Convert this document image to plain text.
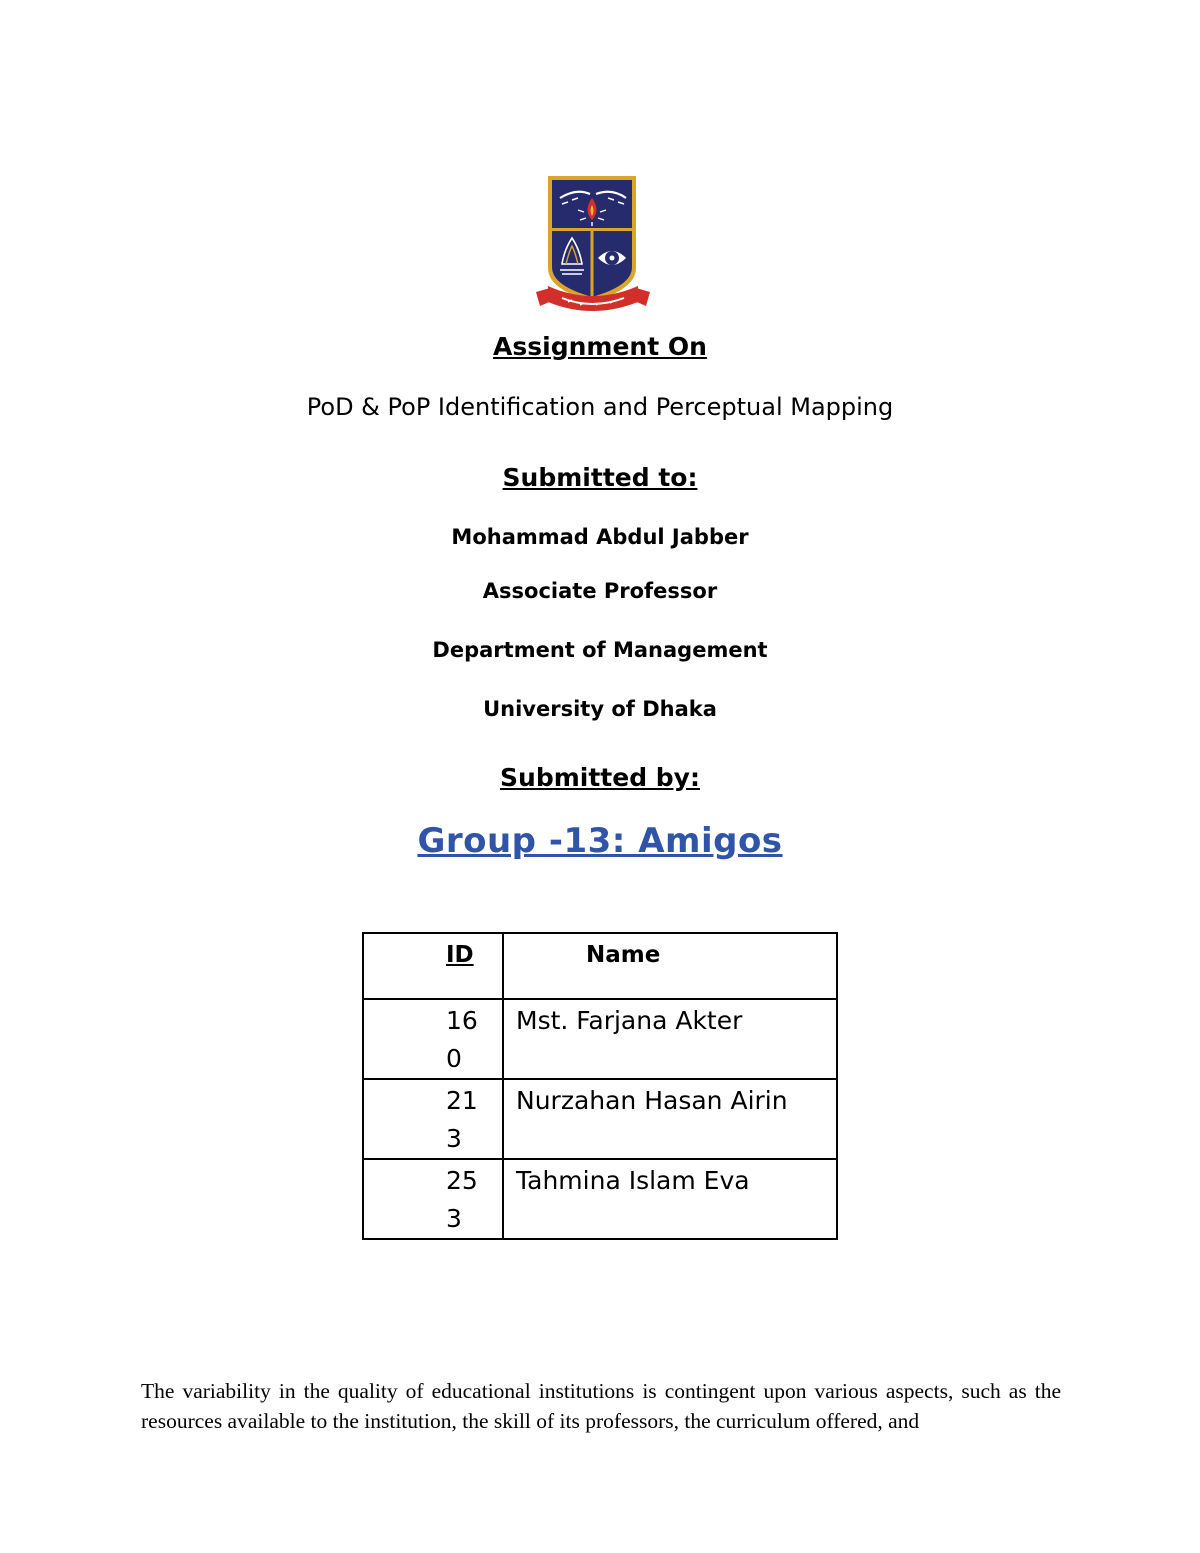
Assignment On
PoD & PoP Identification and Perceptual Mapping
Submitted to:
Mohammad Abdul Jabber
Associate Professor
Department of Management
University of Dhaka
Submitted by:
Group -13: Amigos
ID	Name

160	Mst. Farjana Akter

213	Nurzahan Hasan Airin

253	Tahmina Islam Eva

The variability in the quality of educational institutions is contingent upon various aspects, such as the resources available to the institution, the skill of its professors, the curriculum offered, and
